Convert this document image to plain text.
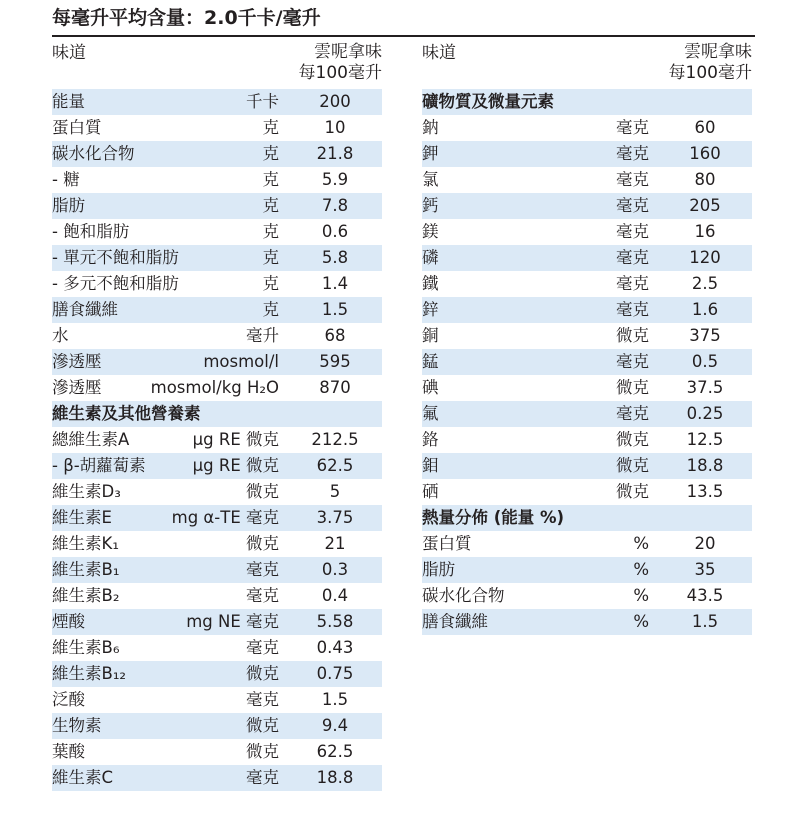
每毫升平均含量：2.0千卡/毫升
味道	雲呢拿味
每100毫升
能量	千卡	200
蛋白質	克	10
碳水化合物	克	21.8
- 糖	克	5.9
脂肪	克	7.8
- 飽和脂肪	克	0.6
- 單元不飽和脂肪	克	5.8
- 多元不飽和脂肪	克	1.4
膳食纖維	克	1.5
水	毫升	68
滲透壓	mosmol/l	595
滲透壓	mosmol/kg H₂O	870
維生素及其他營養素
總維生素A	µg RE 微克	212.5
- β-胡蘿蔔素	µg RE 微克	62.5
維生素D₃	微克	5
維生素E	mg α-TE 毫克	3.75
維生素K₁	微克	21
維生素B₁	毫克	0.3
維生素B₂	毫克	0.4
煙酸	mg NE 毫克	5.58
維生素B₆	毫克	0.43
維生素B₁₂	微克	0.75
泛酸	毫克	1.5
生物素	微克	9.4
葉酸	微克	62.5
維生素C	毫克	18.8
味道	雲呢拿味
每100毫升
礦物質及微量元素
鈉	毫克	60
鉀	毫克	160
氯	毫克	80
鈣	毫克	205
鎂	毫克	16
磷	毫克	120
鐵	毫克	2.5
鋅	毫克	1.6
銅	微克	375
錳	毫克	0.5
碘	微克	37.5
氟	毫克	0.25
鉻	微克	12.5
鉬	微克	18.8
硒	微克	13.5
熱量分佈 (能量 %)
蛋白質	%	20
脂肪	%	35
碳水化合物	%	43.5
膳食纖維	%	1.5
